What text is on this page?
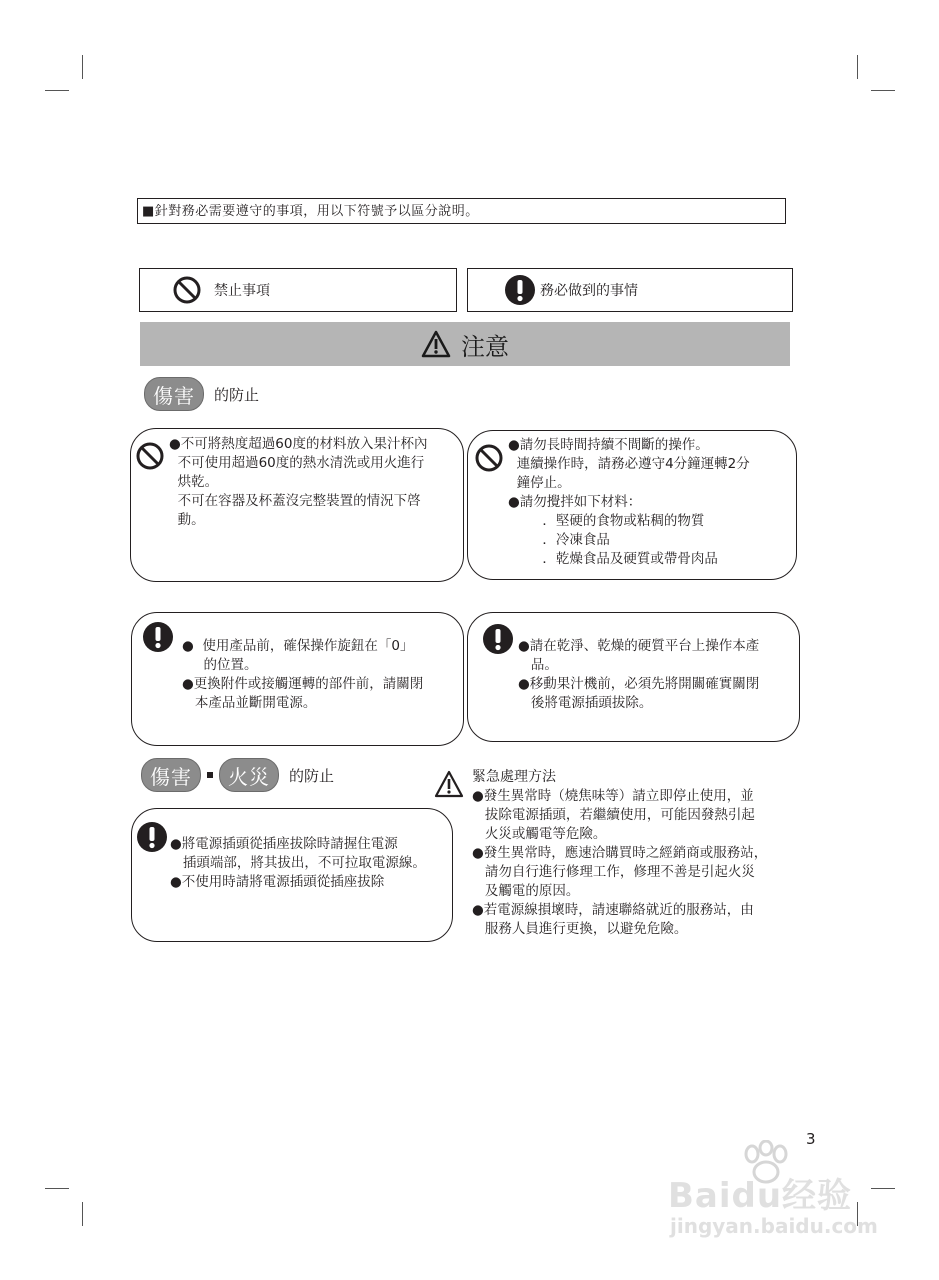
■針對務必需要遵守的事項，用以下符號予以區分說明。
禁止事項	務必做到的事情
注意
傷害	的防止
●不可將熱度超過60度的材料放入果汁杯內
不可使用超過60度的熱水清洗或用火進行
烘乾。
不可在容器及杯蓋沒完整裝置的情況下啓
動。
●請勿長時間持續不間斷的操作。
連續操作時，請務必遵守4分鐘運轉2分
鐘停止。
●請勿攪拌如下材料：
．堅硬的食物或粘稠的物質
．冷凍食品
．乾燥食品及硬質或帶骨肉品
●  使用產品前，確保操作旋鈕在「0」
的位置。
●更換附件或接觸運轉的部件前，請關閉
本產品並斷開電源。
●請在乾淨、乾燥的硬質平台上操作本產
品。
●移動果汁機前，必須先將開關確實關閉
後將電源插頭拔除。
傷害	火災	的防止
●將電源插頭從插座拔除時請握住電源
插頭端部，將其拔出，不可拉取電源線。
●不使用時請將電源插頭從插座拔除
緊急處理方法
●發生異常時（燒焦味等）請立即停止使用，並
拔除電源插頭，若繼續使用，可能因發熱引起
火災或觸電等危險。
●發生異常時，應速洽購買時之經銷商或服務站，
請勿自行進行修理工作，修理不善是引起火災
及觸電的原因。
●若電源線損壞時，請速聯絡就近的服務站，由
服務人員進行更換，以避免危險。
3
Baidu经验
jingyan.baidu.com
